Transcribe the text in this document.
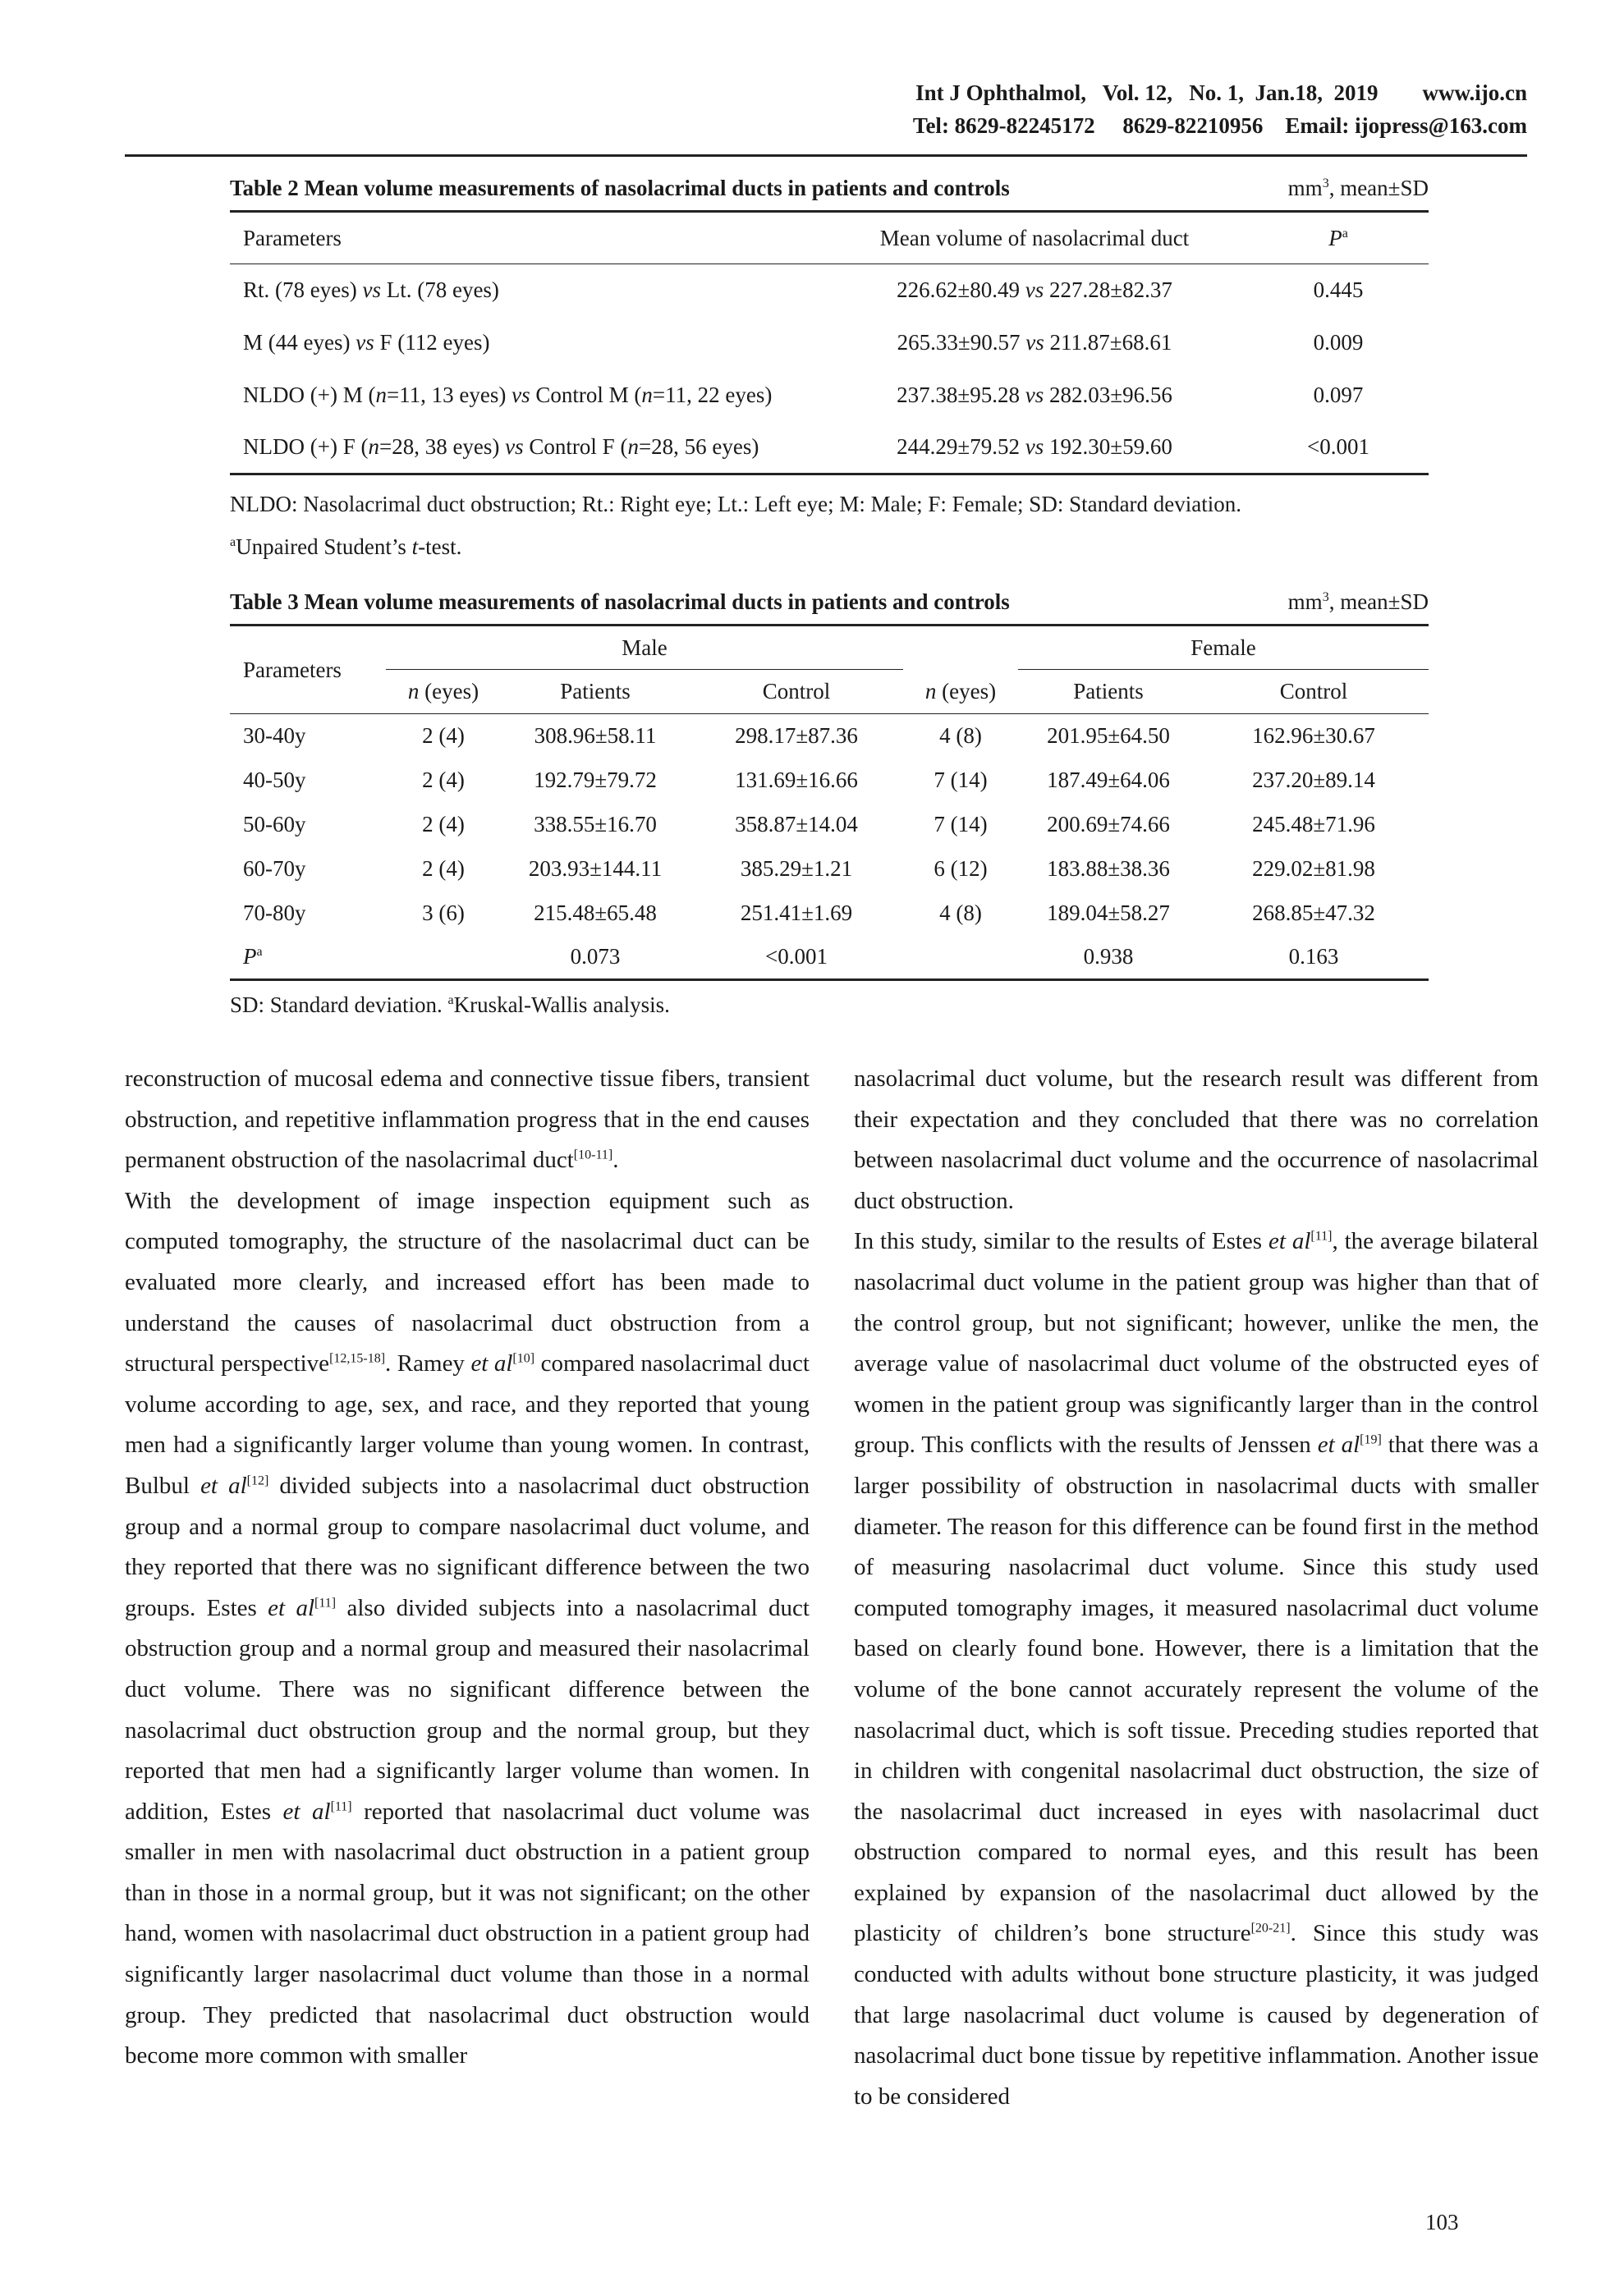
Int J Ophthalmol,   Vol. 12,   No. 1,  Jan.18,  2019        www.ijo.cn
Tel: 8629-82245172     8629-82210956    Email: ijopress@163.com
Table 2 Mean volume measurements of nasolacrimal ducts in patients and controls	$mm^3$, mean±SD
Parameters	Mean volume of nasolacrimal duct	$P^a$
Rt. (78 eyes) vs Lt. (78 eyes)	226.62±80.49 vs 227.28±82.37	0.445
M (44 eyes) vs F (112 eyes)	265.33±90.57 vs 211.87±68.61	0.009
NLDO (+) M (n=11, 13 eyes) vs Control M (n=11, 22 eyes)	237.38±95.28 vs 282.03±96.56	0.097
NLDO (+) F (n=28, 38 eyes) vs Control F (n=28, 56 eyes)	244.29±79.52 vs 192.30±59.60	<0.001
NLDO: Nasolacrimal duct obstruction; Rt.: Right eye; Lt.: Left eye; M: Male; F: Female; SD: Standard deviation.
$^a$Unpaired Student’s t-test.
Table 3 Mean volume measurements of nasolacrimal ducts in patients and controls	$mm^3$, mean±SD
Parameters	Male				Female	
	n (eyes)	Patients	Control	n (eyes)	Patients	Control
30-40y	2 (4)	308.96±58.11	298.17±87.36	4 (8)	201.95±64.50	162.96±30.67
40-50y	2 (4)	192.79±79.72	131.69±16.66	7 (14)	187.49±64.06	237.20±89.14
50-60y	2 (4)	338.55±16.70	358.87±14.04	7 (14)	200.69±74.66	245.48±71.96
60-70y	2 (4)	203.93±144.11	385.29±1.21	6 (12)	183.88±38.36	229.02±81.98
70-80y	3 (6)	215.48±65.48	251.41±1.69	4 (8)	189.04±58.27	268.85±47.32
$P^a$		0.073	<0.001		0.938	0.163
SD: Standard deviation. $^a$Kruskal-Wallis analysis.

reconstruction of mucosal edema and connective tissue fibers, transient obstruction, and repetitive inflammation progress that in the end causes permanent obstruction of the nasolacrimal duct[10-11].

With the development of image inspection equipment such as computed tomography, the structure of the nasolacrimal duct can be evaluated more clearly, and increased effort has been made to understand the causes of nasolacrimal duct obstruction from a structural perspective[12,15-18]. Ramey et al[10] compared nasolacrimal duct volume according to age, sex, and race, and they reported that young men had a significantly larger volume than young women. In contrast, Bulbul et al[12] divided subjects into a nasolacrimal duct obstruction group and a normal group to compare nasolacrimal duct volume, and they reported that there was no significant difference between the two groups. Estes et al[11] also divided subjects into a nasolacrimal duct obstruction group and a normal group and measured their nasolacrimal duct volume. There was no significant difference between the nasolacrimal duct obstruction group and the normal group, but they reported that men had a significantly larger volume than women. In addition, Estes et al[11] reported that nasolacrimal duct volume was smaller in men with nasolacrimal duct obstruction in a patient group than in those in a normal group, but it was not significant; on the other hand, women with nasolacrimal duct obstruction in a patient group had significantly larger nasolacrimal duct volume than those in a normal group. They predicted that nasolacrimal duct obstruction would become more common with smaller

nasolacrimal duct volume, but the research result was different from their expectation and they concluded that there was no correlation between nasolacrimal duct volume and the occurrence of nasolacrimal duct obstruction.

In this study, similar to the results of Estes et al[11], the average bilateral nasolacrimal duct volume in the patient group was higher than that of the control group, but not significant; however, unlike the men, the average value of nasolacrimal duct volume of the obstructed eyes of women in the patient group was significantly larger than in the control group. This conflicts with the results of Jenssen et al[19] that there was a larger possibility of obstruction in nasolacrimal ducts with smaller diameter. The reason for this difference can be found first in the method of measuring nasolacrimal duct volume. Since this study used computed tomography images, it measured nasolacrimal duct volume based on clearly found bone. However, there is a limitation that the volume of the bone cannot accurately represent the volume of the nasolacrimal duct, which is soft tissue. Preceding studies reported that in children with congenital nasolacrimal duct obstruction, the size of the nasolacrimal duct increased in eyes with nasolacrimal duct obstruction compared to normal eyes, and this result has been explained by expansion of the nasolacrimal duct allowed by the plasticity of children’s bone structure[20-21]. Since this study was conducted with adults without bone structure plasticity, it was judged that large nasolacrimal duct volume is caused by degeneration of nasolacrimal duct bone tissue by repetitive inflammation. Another issue to be considered

103
